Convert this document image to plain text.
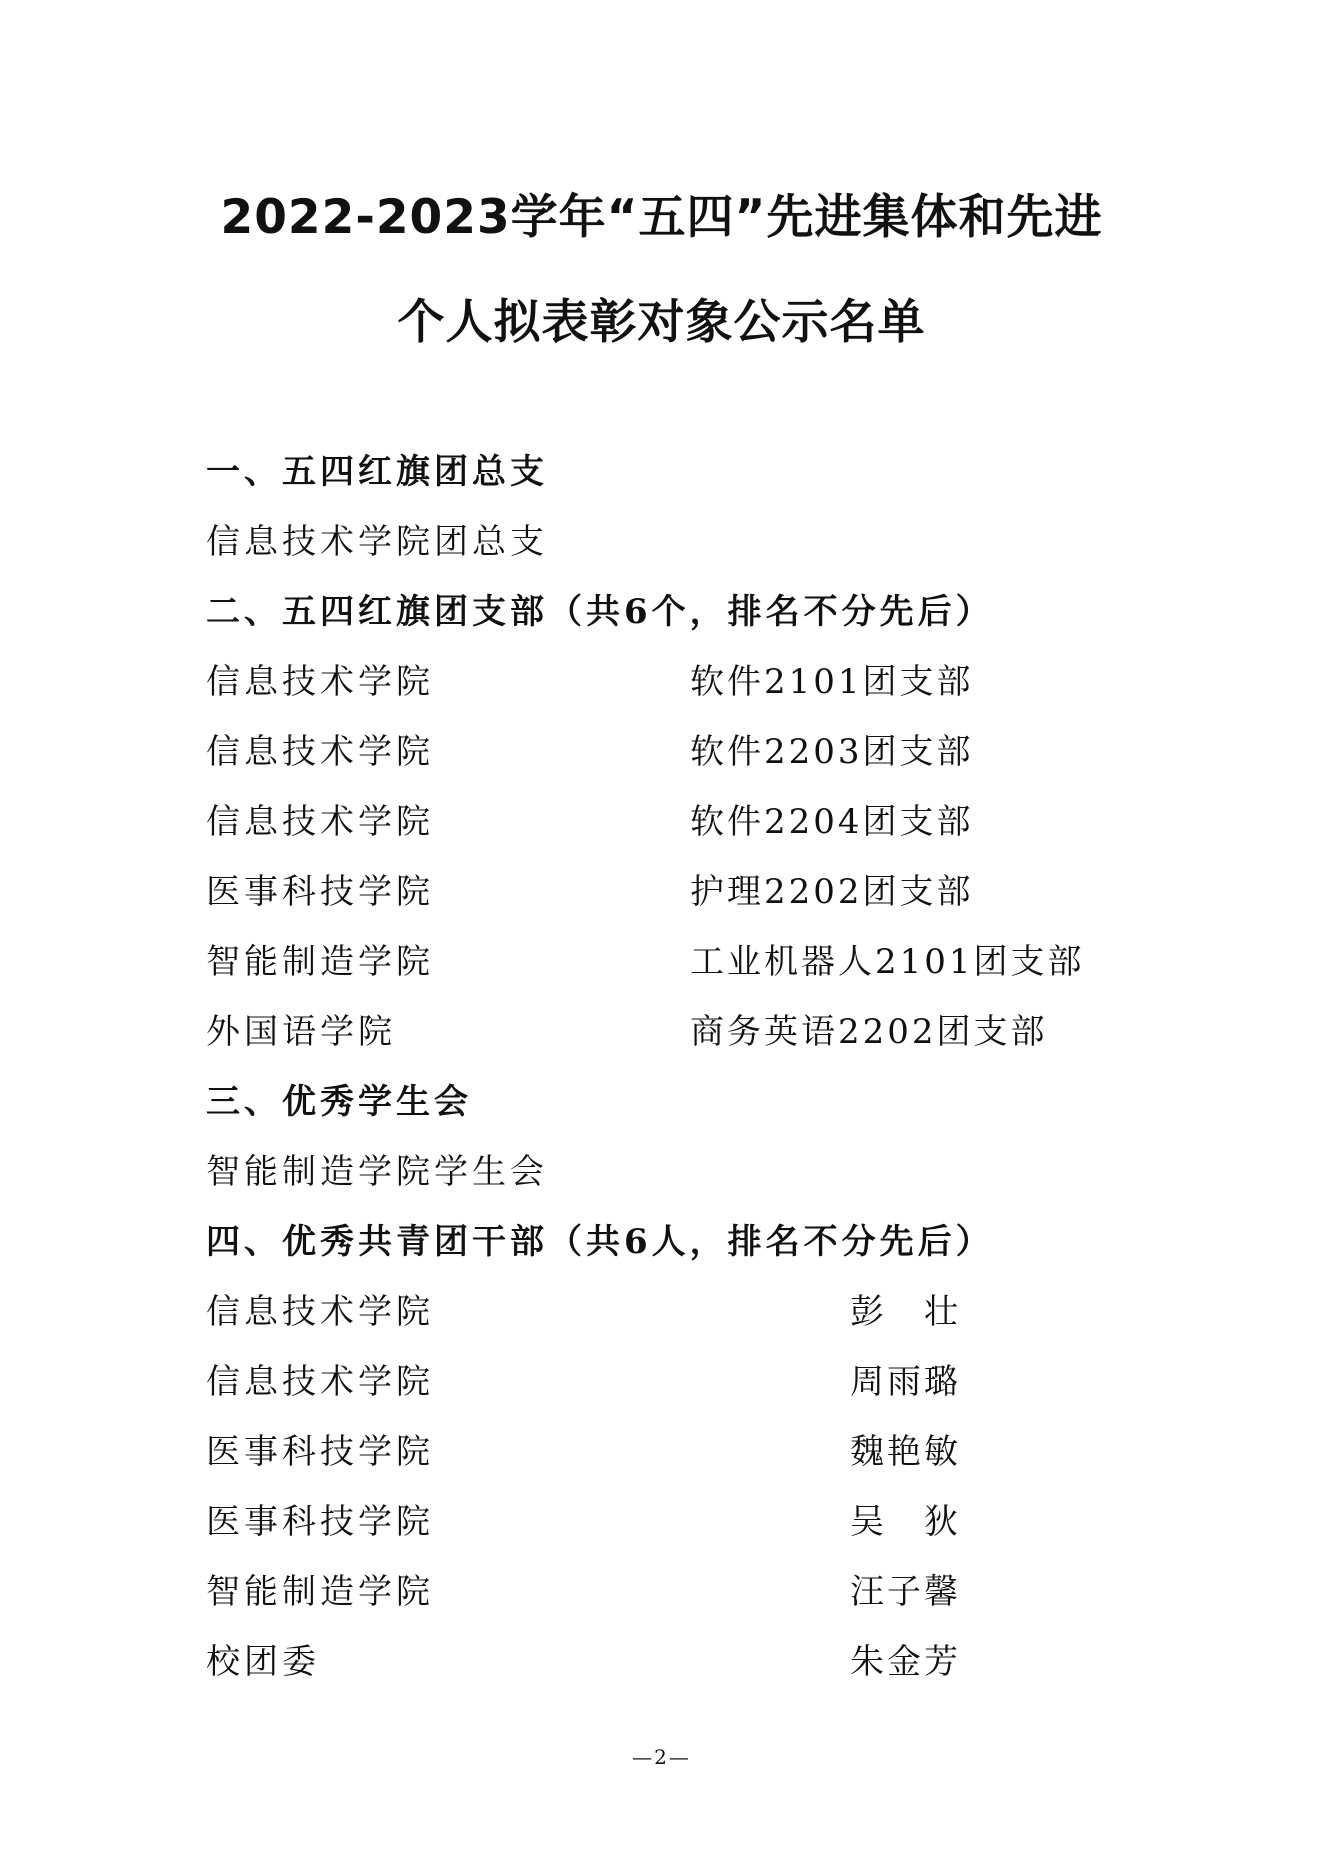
2022-2023学年“五四”先进集体和先进
个人拟表彰对象公示名单
一、五四红旗团总支
信息技术学院团总支
二、五四红旗团支部（共6个，排名不分先后）
信息技术学院	软件2101团支部
信息技术学院	软件2203团支部
信息技术学院	软件2204团支部
医事科技学院	护理2202团支部
智能制造学院	工业机器人2101团支部
外国语学院	商务英语2202团支部
三、优秀学生会
智能制造学院学生会
四、优秀共青团干部（共6人，排名不分先后）
信息技术学院	彭　壮
信息技术学院	周雨璐
医事科技学院	魏艳敏
医事科技学院	吴　狄
智能制造学院	汪子馨
校团委	朱金芳
—2—
